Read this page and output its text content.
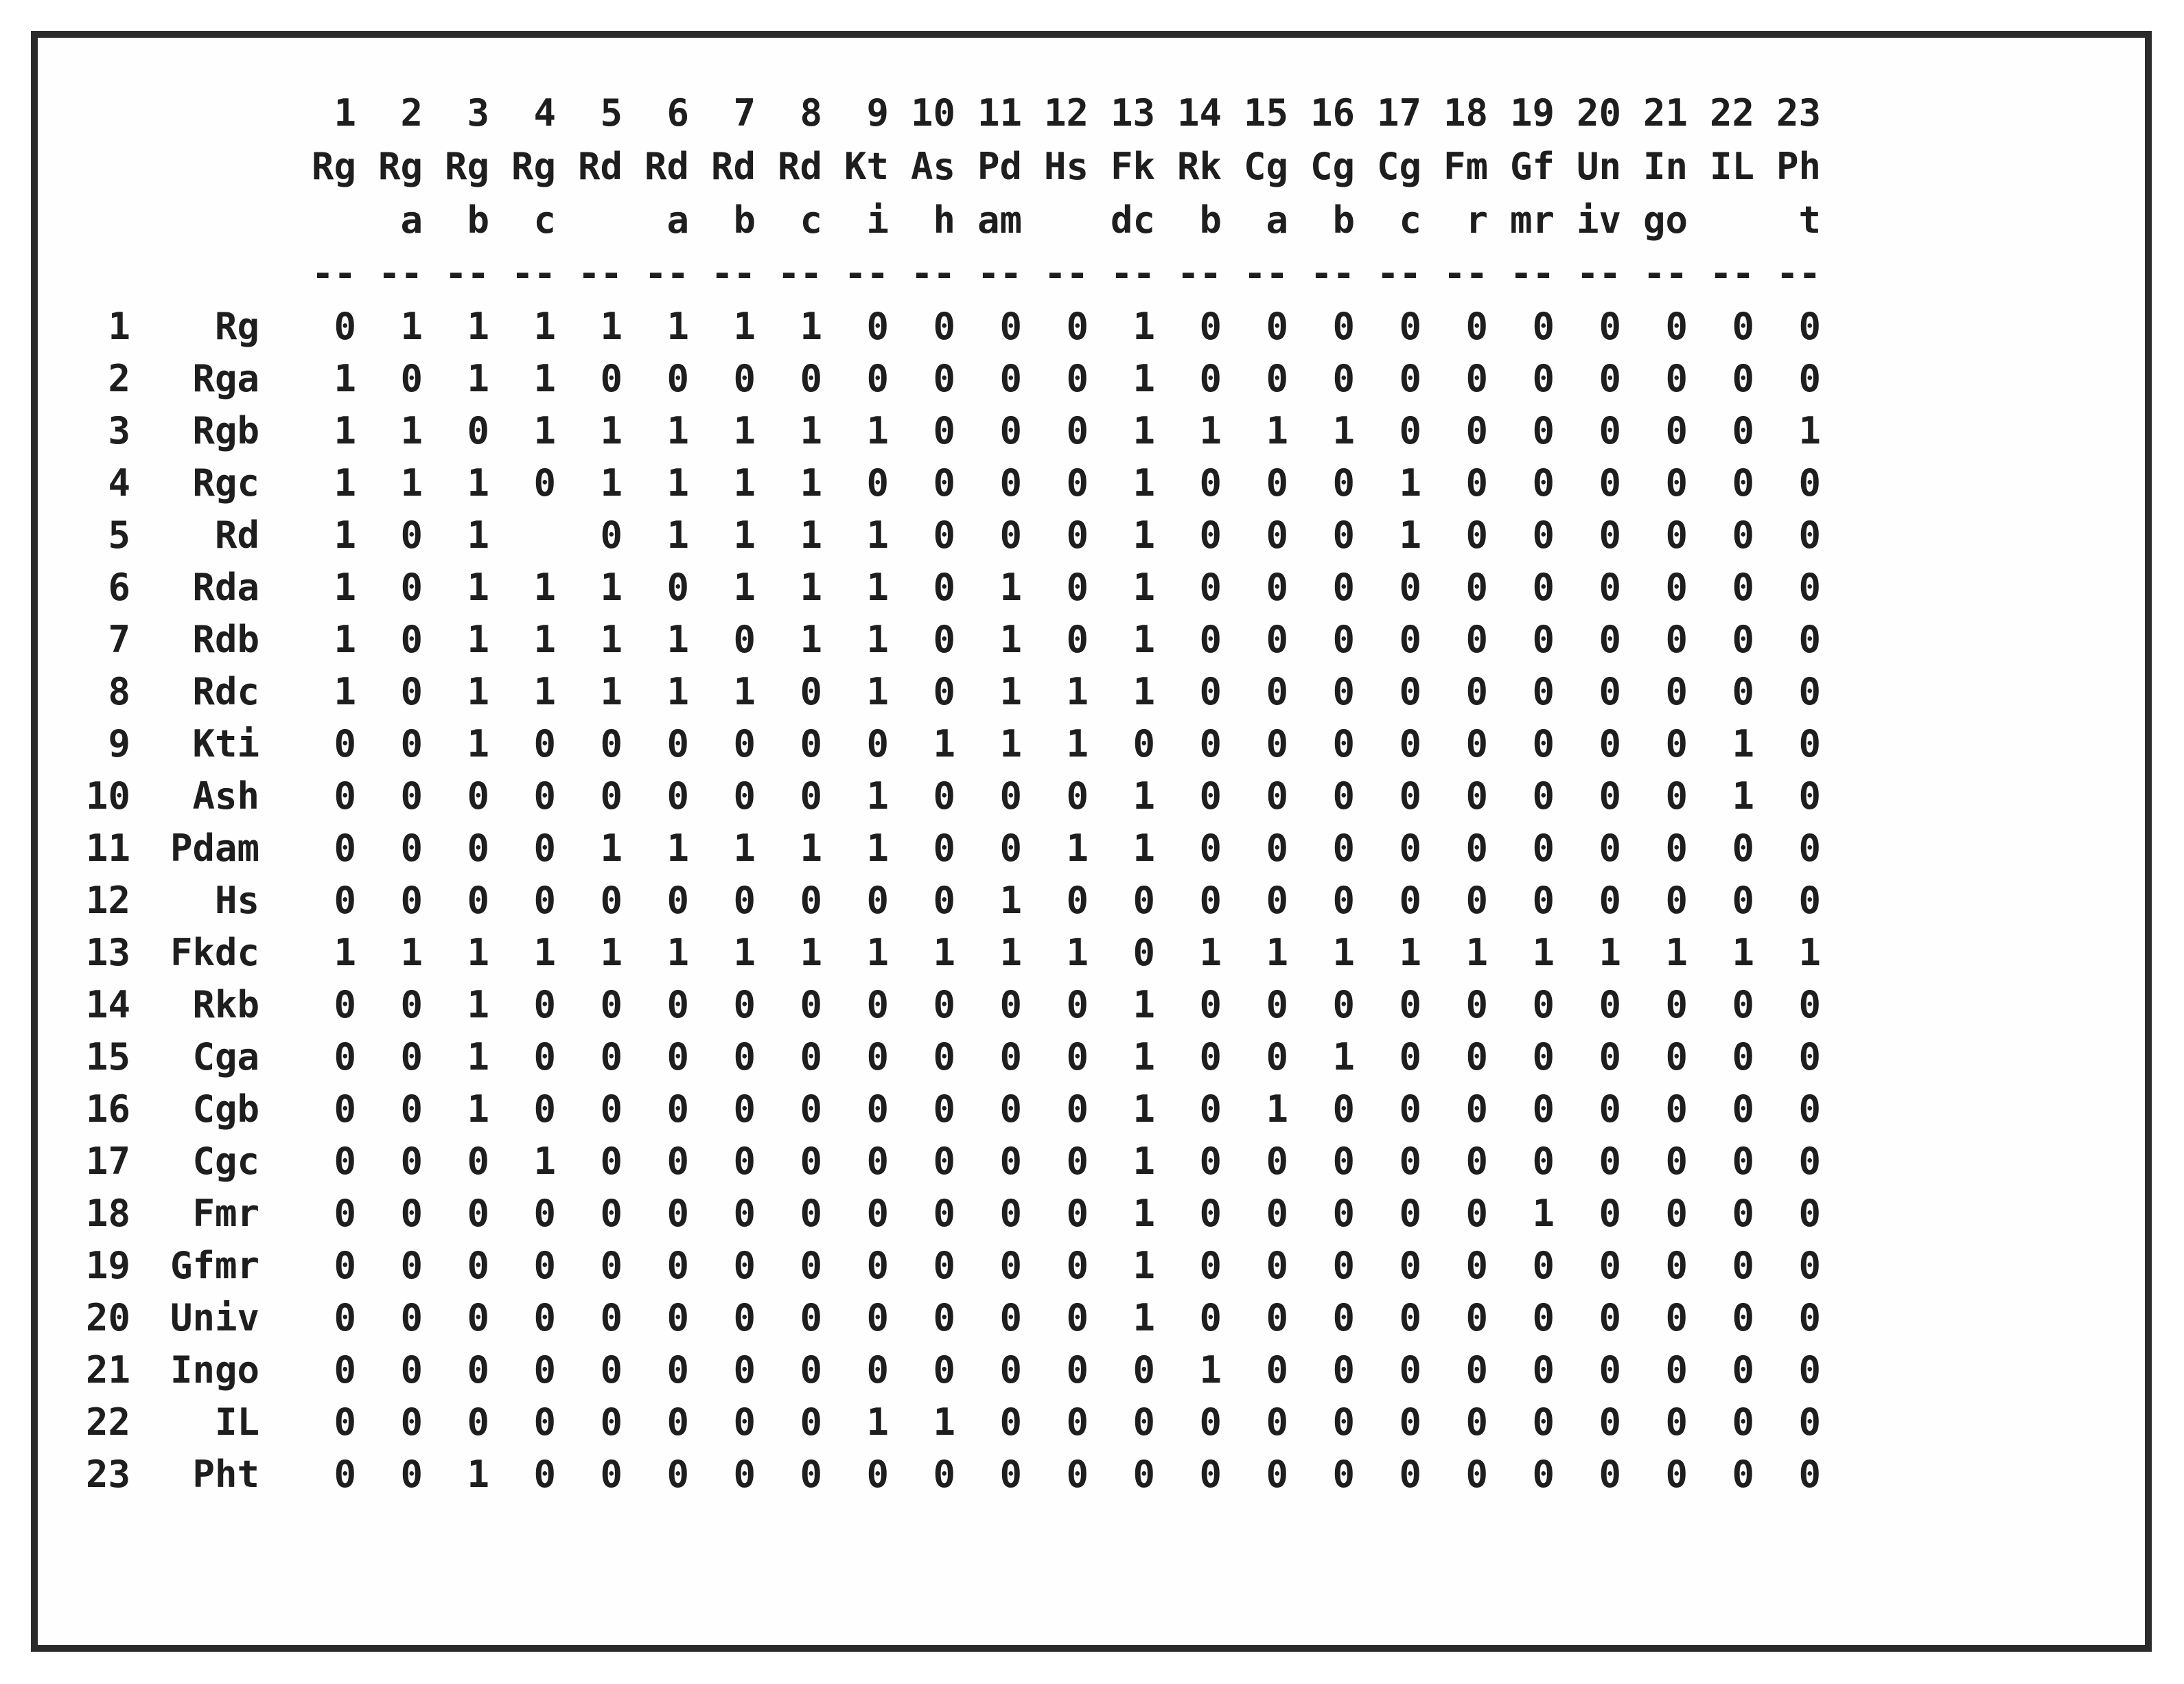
			1	2	3	4	5	6	7	8	9	10	11	12	13	14	15	16	17	18	19	20	21	22	23
			Rg	Rg	Rg	Rg	Rd	Rd	Rd	Rd	Kt	As	Pd	Hs	Fk	Rk	Cg	Cg	Cg	Fm	Gf	Un	In	IL	Ph
				a	b	c		a	b	c	i	h	am		dc	b	a	b	c	r	mr	iv	go		t
			--	--	--	--	--	--	--	--	--	--	--	--	--	--	--	--	--	--	--	--	--	--	--
1	Rg		0	1	1	1	1	1	1	1	0	0	0	0	1	0	0	0	0	0	0	0	0	0	0
2	Rga		1	0	1	1	0	0	0	0	0	0	0	0	1	0	0	0	0	0	0	0	0	0	0
3	Rgb		1	1	0	1	1	1	1	1	1	0	0	0	1	1	1	1	0	0	0	0	0	0	1
4	Rgc		1	1	1	0	1	1	1	1	0	0	0	0	1	0	0	0	1	0	0	0	0	0	0
5	Rd		1	0	1		0	1	1	1	1	0	0	0	1	0	0	0	1	0	0	0	0	0	0
6	Rda		1	0	1	1	1	0	1	1	1	0	1	0	1	0	0	0	0	0	0	0	0	0	0
7	Rdb		1	0	1	1	1	1	0	1	1	0	1	0	1	0	0	0	0	0	0	0	0	0	0
8	Rdc		1	0	1	1	1	1	1	0	1	0	1	1	1	0	0	0	0	0	0	0	0	0	0
9	Kti		0	0	1	0	0	0	0	0	0	1	1	1	0	0	0	0	0	0	0	0	0	1	0
10	Ash		0	0	0	0	0	0	0	0	1	0	0	0	1	0	0	0	0	0	0	0	0	1	0
11	Pdam		0	0	0	0	1	1	1	1	1	0	0	1	1	0	0	0	0	0	0	0	0	0	0
12	Hs		0	0	0	0	0	0	0	0	0	0	1	0	0	0	0	0	0	0	0	0	0	0	0
13	Fkdc		1	1	1	1	1	1	1	1	1	1	1	1	0	1	1	1	1	1	1	1	1	1	1
14	Rkb		0	0	1	0	0	0	0	0	0	0	0	0	1	0	0	0	0	0	0	0	0	0	0
15	Cga		0	0	1	0	0	0	0	0	0	0	0	0	1	0	0	1	0	0	0	0	0	0	0
16	Cgb		0	0	1	0	0	0	0	0	0	0	0	0	1	0	1	0	0	0	0	0	0	0	0
17	Cgc		0	0	0	1	0	0	0	0	0	0	0	0	1	0	0	0	0	0	0	0	0	0	0
18	Fmr		0	0	0	0	0	0	0	0	0	0	0	0	1	0	0	0	0	0	1	0	0	0	0
19	Gfmr		0	0	0	0	0	0	0	0	0	0	0	0	1	0	0	0	0	0	0	0	0	0	0
20	Univ		0	0	0	0	0	0	0	0	0	0	0	0	1	0	0	0	0	0	0	0	0	0	0
21	Ingo		0	0	0	0	0	0	0	0	0	0	0	0	0	1	0	0	0	0	0	0	0	0	0
22	IL		0	0	0	0	0	0	0	0	1	1	0	0	0	0	0	0	0	0	0	0	0	0	0
23	Pht		0	0	1	0	0	0	0	0	0	0	0	0	0	0	0	0	0	0	0	0	0	0	0
